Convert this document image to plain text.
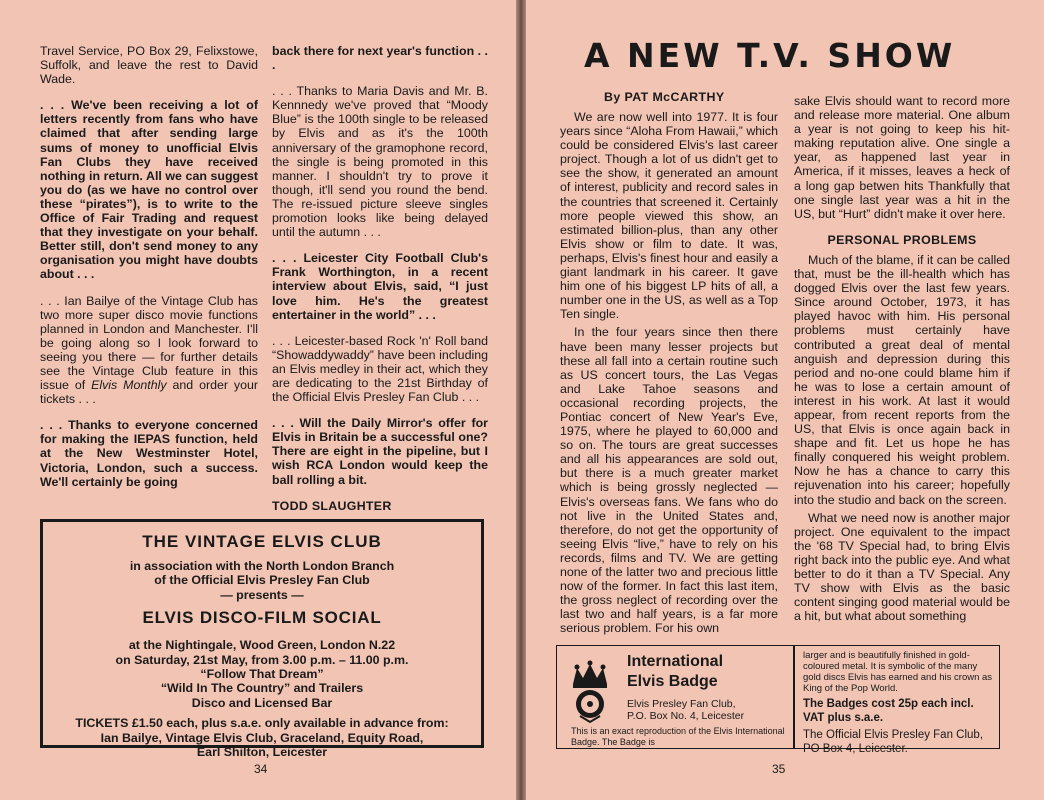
Travel Service, PO Box 29, Felixstowe, Suffolk, and leave the rest to David Wade.

. . . We've been receiving a lot of letters recently from fans who have claimed that after sending large sums of money to unofficial Elvis Fan Clubs they have received nothing in return. All we can suggest you do (as we have no control over these “pirates”), is to write to the Office of Fair Trading and request that they investigate on your behalf. Better still, don't send money to any organisation you might have doubts about . . .

. . . Ian Bailye of the Vintage Club has two more super disco movie functions planned in London and Manchester. I'll be going along so I look forward to seeing you there — for further details see the Vintage Club feature in this issue of Elvis Monthly and order your tickets . . .

. . . Thanks to everyone concerned for making the IEPAS function, held at the New Westminster Hotel, Victoria, London, such a success. We'll certainly be going

back there for next year's function . . .

. . . Thanks to Maria Davis and Mr. B. Kennnedy we've proved that “Moody Blue” is the 100th single to be released by Elvis and as it's the 100th anniversary of the gramophone record, the single is being promoted in this manner. I shouldn't try to prove it though, it'll send you round the bend. The re-issued picture sleeve singles promotion looks like being delayed until the autumn . . .

. . . Leicester City Football Club's Frank Worthington, in a recent interview about Elvis, said, “I just love him. He's the greatest entertainer in the world” . . .

. . . Leicester-based Rock 'n' Roll band “Showaddywaddy” have been including an Elvis medley in their act, which they are dedicating to the 21st Birthday of the Official Elvis Presley Fan Club . . .

. . . Will the Daily Mirror's offer for Elvis in Britain be a successful one? There are eight in the pipeline, but I wish RCA London would keep the ball rolling a bit.

TODD SLAUGHTER
THE VINTAGE ELVIS CLUB
in association with the North London Branch
of the Official Elvis Presley Fan Club
— presents —
ELVIS DISCO-FILM SOCIAL
at the Nightingale, Wood Green, London N.22
on Saturday, 21st May, from 3.00 p.m. – 11.00 p.m.
“Follow That Dream”
“Wild In The Country” and Trailers
Disco and Licensed Bar
TICKETS £1.50 each, plus s.a.e. only available in advance from:
Ian Bailye, Vintage Elvis Club, Graceland, Equity Road,
Earl Shilton, Leicester
34
A NEW T.V. SHOW
By PAT McCARTHY

We are now well into 1977. It is four years since “Aloha From Hawaii,” which could be considered Elvis's last career project. Though a lot of us didn't get to see the show, it generated an amount of interest, publicity and record sales in the countries that screened it. Certainly more people viewed this show, an estimated billion-plus, than any other Elvis show or film to date. It was, perhaps, Elvis's finest hour and easily a giant landmark in his career. It gave him one of his biggest LP hits of all, a number one in the US, as well as a Top Ten single.

In the four years since then there have been many lesser projects but these all fall into a certain routine such as US concert tours, the Las Vegas and Lake Tahoe seasons and occasional recording projects, the Pontiac concert of New Year's Eve, 1975, where he played to 60,000 and so on. The tours are great successes and all his appearances are sold out, but there is a much greater market which is being grossly neglected — Elvis's overseas fans. We fans who do not live in the United States and, therefore, do not get the opportunity of seeing Elvis “live,” have to rely on his records, films and TV. We are getting none of the latter two and precious little now of the former. In fact this last item, the gross neglect of recording over the last two and half years, is a far more serious problem. For his own

sake Elvis should want to record more and release more material. One album a year is not going to keep his hit-making reputation alive. One single a year, as happened last year in America, if it misses, leaves a heck of a long gap betwen hits Thankfully that one single last year was a hit in the US, but “Hurt” didn't make it over here.

PERSONAL PROBLEMS

Much of the blame, if it can be called that, must be the ill-health which has dogged Elvis over the last few years. Since around October, 1973, it has played havoc with him. His personal problems must certainly have contributed a great deal of mental anguish and depression during this period and no-one could blame him if he was to lose a certain amount of interest in his work. At last it would appear, from recent reports from the US, that Elvis is once again back in shape and fit. Let us hope he has finally conquered his weight problem. Now he has a chance to carry this rejuvenation into his career; hopefully into the studio and back on the screen.

What we need now is another major project. One equivalent to the impact the '68 TV Special had, to bring Elvis right back into the public eye. And what better to do it than a TV Special. Any TV show with Elvis as the basic content singing good material would be a hit, but what about something

International
Elvis Badge
Elvis Presley Fan Club,
P.O. Box No. 4, Leicester
This is an exact reproduction of the Elvis International Badge. The Badge is
larger and is beautifully finished in gold-coloured metal. It is symbolic of the many gold discs Elvis has earned and his crown as King of the Pop World.
The Badges cost 25p each incl. VAT plus s.a.e.
The Official Elvis Presley Fan Club, PO Box 4, Leicester.
35
